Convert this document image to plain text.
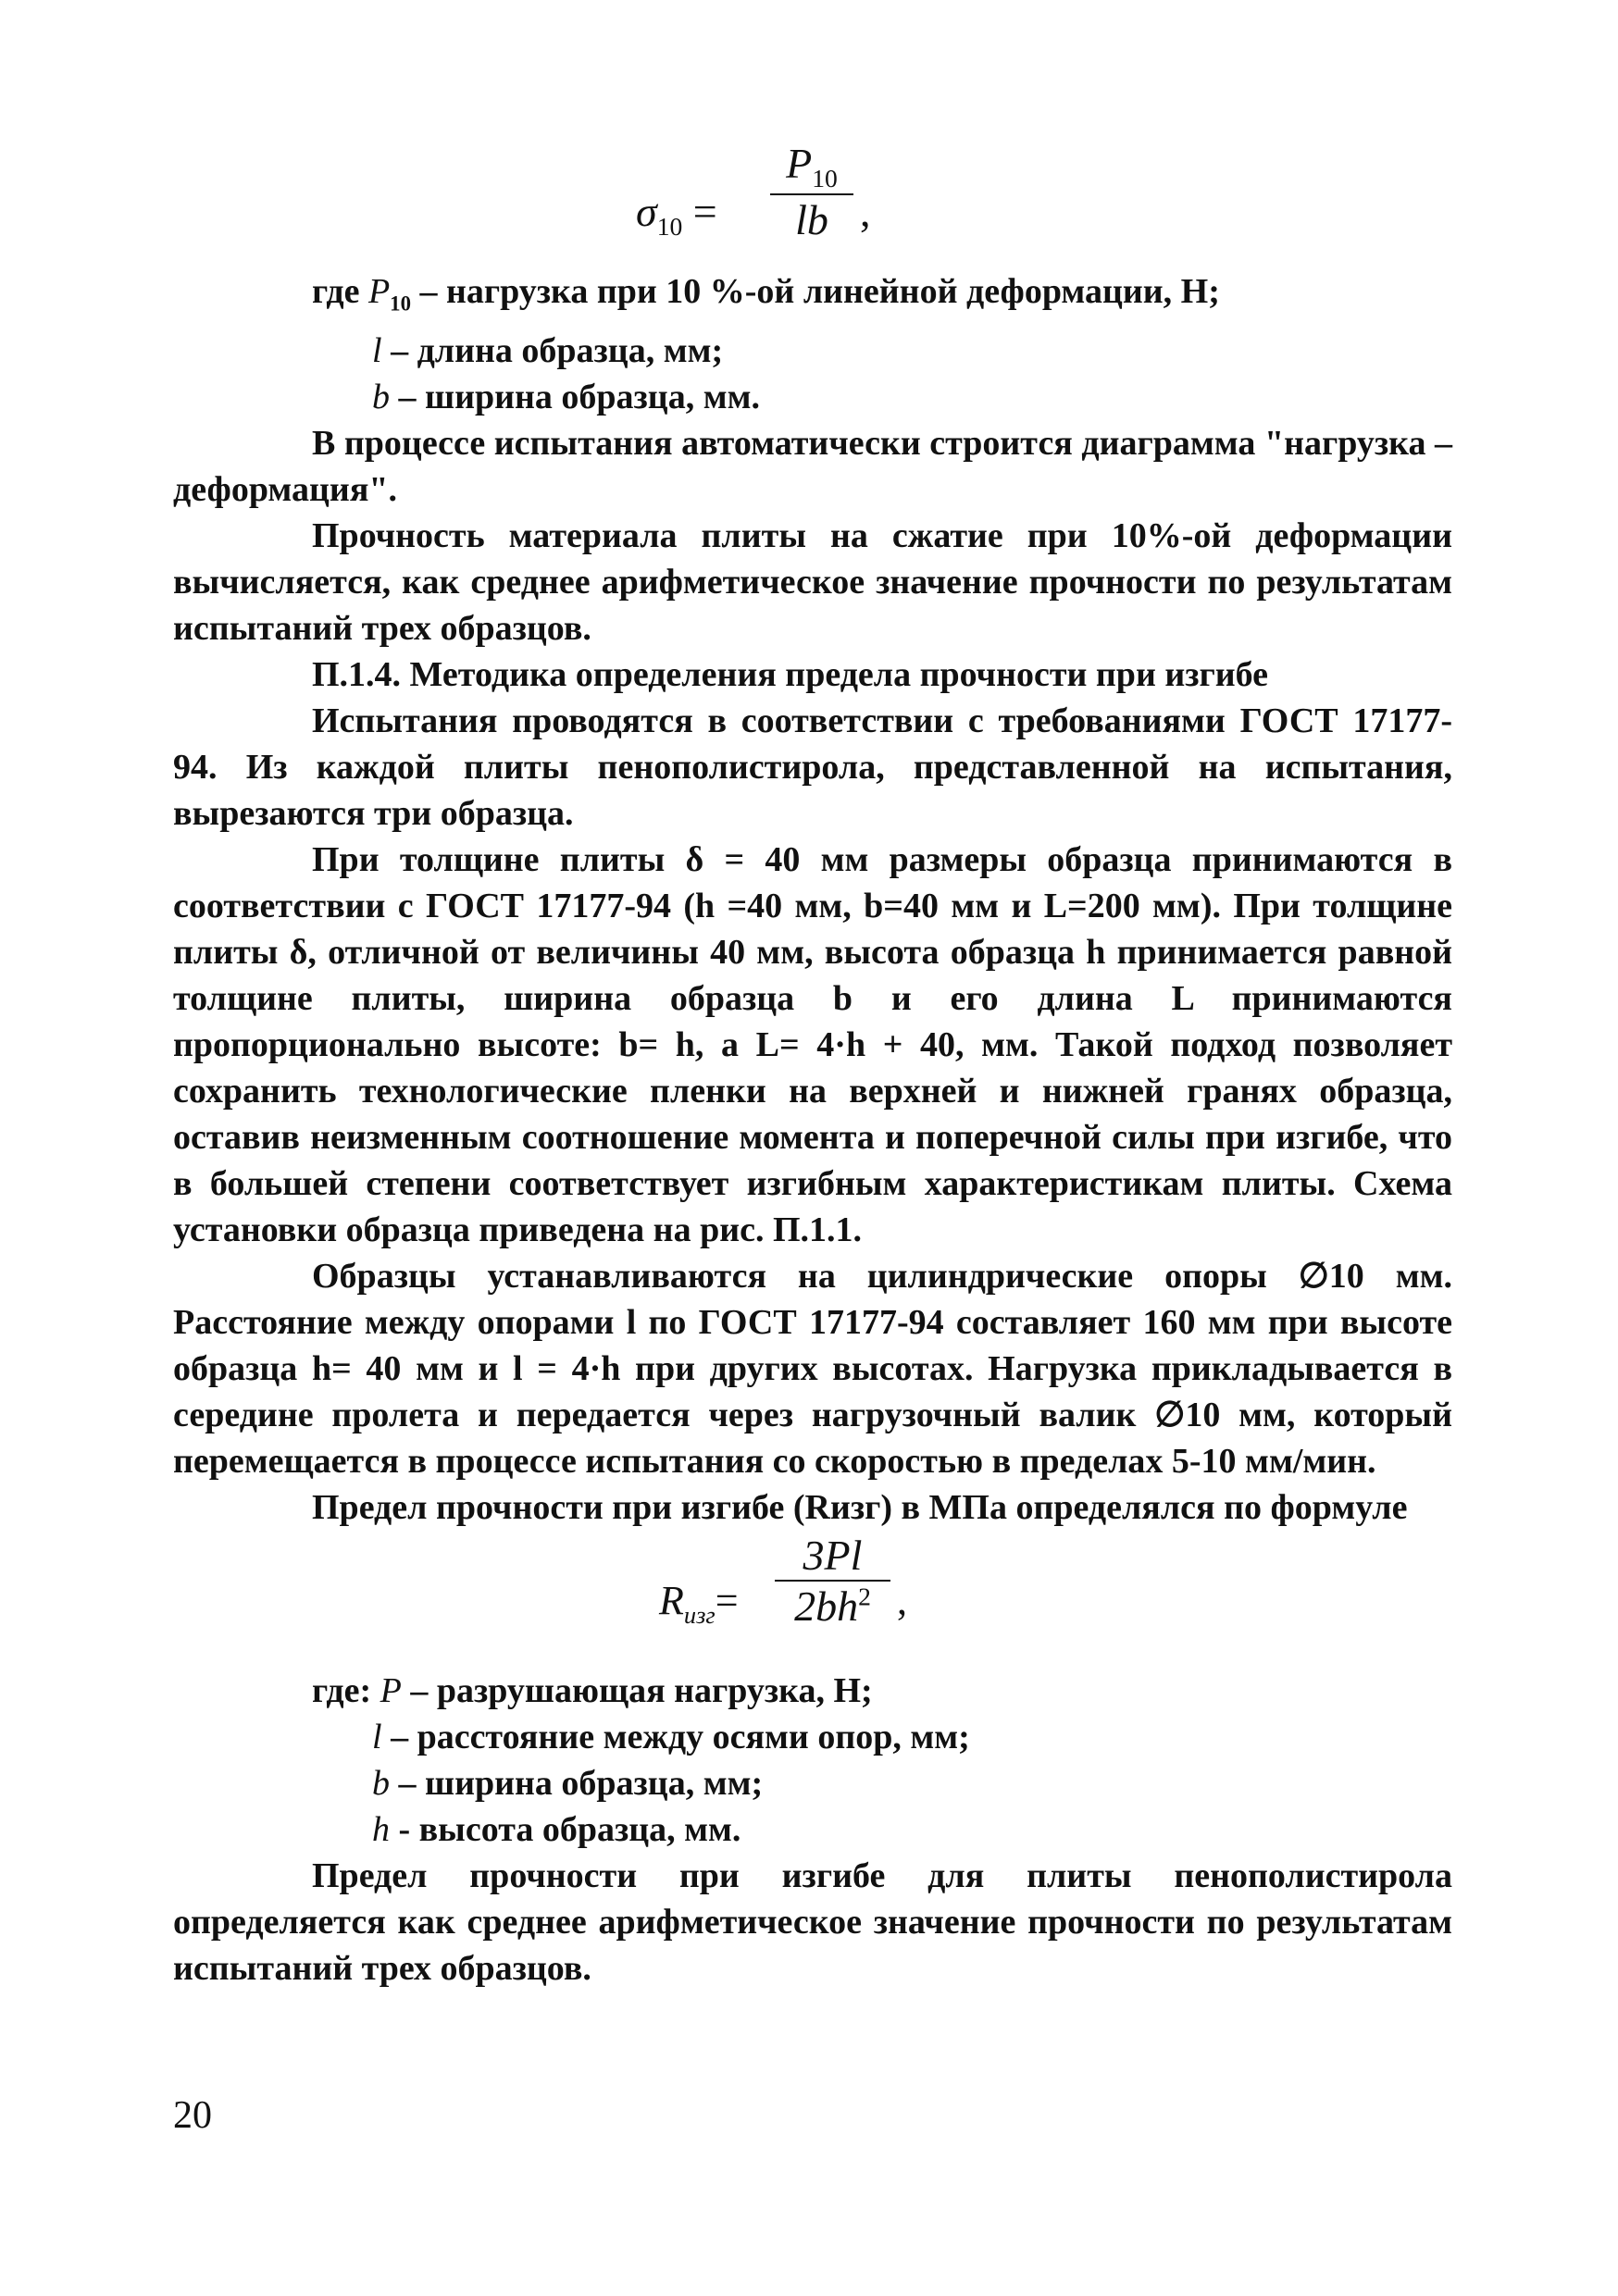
$\sigma_{10}$ =
$P_{10}$
lb ,

где $P_{10}$ – нагрузка при 10 %-ой линейной деформации, Н;

l – длина образца, мм;

b – ширина образца, мм.

В процессе испытания автоматически строится диаграмма "нагрузка – деформация".

Прочность материала плиты на сжатие при 10%-ой деформации вычисляется, как среднее арифметическое значение прочности по результатам испытаний трех образцов.

П.1.4. Методика определения предела прочности при изгибе

Испытания проводятся в соответствии с требованиями ГОСТ 17177-94. Из каждой плиты пенополистирола, представленной на испытания, вырезаются три образца.

При толщине плиты δ = 40 мм размеры образца принимаются в соответствии с ГОСТ 17177-94 (h =40 мм, b=40 мм и L=200 мм). При толщине плиты δ, отличной от величины 40 мм, высота образца h принимается равной толщине плиты, ширина образца b и его длина L принимаются пропорционально высоте: b= h, а L= 4·h + 40, мм. Такой подход позволяет сохранить технологические пленки на верхней и нижней гранях образца, оставив неизменным соотношение момента и поперечной силы при изгибе, что в большей степени соответствует изгибным характеристикам плиты. Схема установки образца приведена на рис. П.1.1.

Образцы устанавливаются на цилиндрические опоры ∅10 мм. Расстояние между опорами l по ГОСТ 17177-94 составляет 160 мм при высоте образца h= 40 мм и l = 4·h при других высотах. Нагрузка прикладывается в середине пролета и передается через нагрузочный валик ∅10 мм, который перемещается в процессе испытания со скоростью в пределах 5-10 мм/мин.

Предел прочности при изгибе (Rизг) в МПа определялся по формуле

$R_{изг}=$
3Pl
$2bh^2$ ,

где: P – разрушающая нагрузка, Н;

l – расстояние между осями опор, мм;

b – ширина образца, мм;

h - высота образца, мм.

Предел прочности при изгибе для плиты пенополистирола определяется как среднее арифметическое значение прочности по результатам испытаний трех образцов.

20
